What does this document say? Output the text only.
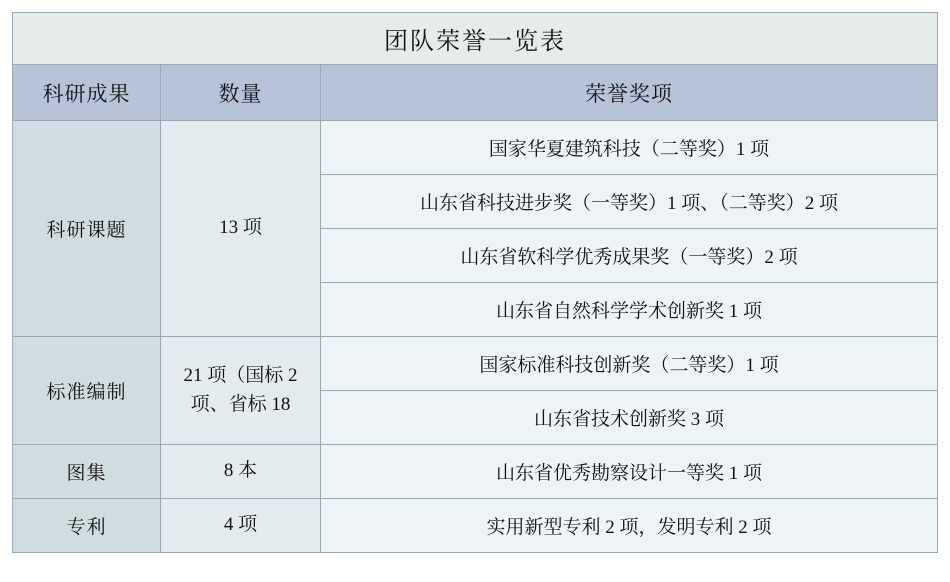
团队荣誉一览表		
科研成果	数量	荣誉奖项
科研课题	13 项	国家华夏建筑科技（二等奖）1 项
		山东省科技进步奖（一等奖）1 项、（二等奖）2 项
		山东省软科学优秀成果奖（一等奖）2 项
		山东省自然科学学术创新奖 1 项
标准编制	21 项（国标 2 项、省标 18	国家标准科技创新奖（二等奖）1 项
		山东省技术创新奖 3 项
图集	8 本	山东省优秀勘察设计一等奖 1 项
专利	4 项	实用新型专利 2 项，发明专利 2 项
